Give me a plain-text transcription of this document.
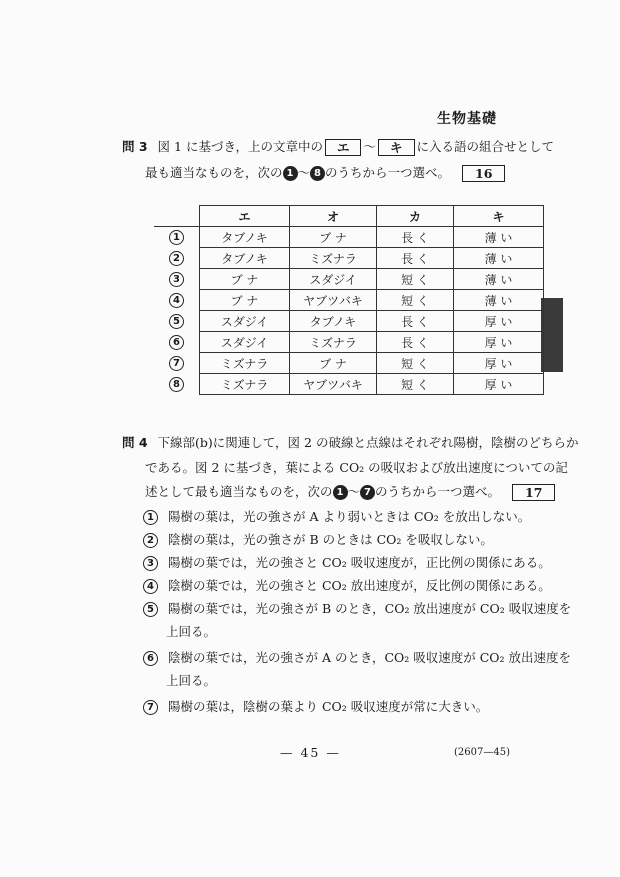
生物基礎
問 3 図 1 に基づき，上の文章中の エ 〜 キ に入る語の組合せとして
最も適当なものを，次の 1 〜 8 のうちから一つ選べ。 16
	エ	オ	カ	キ
1	タブノキ	ブ ナ	長 く	薄 い
2	タブノキ	ミズナラ	長 く	薄 い
3	ブ ナ	スダジイ	短 く	薄 い
4	ブ ナ	ヤブツバキ	短 く	薄 い
5	スダジイ	タブノキ	長 く	厚 い
6	スダジイ	ミズナラ	長 く	厚 い
7	ミズナラ	ブ ナ	短 く	厚 い
8	ミズナラ	ヤブツバキ	短 く	厚 い
問 4 下線部(b)に関連して，図 2 の破線と点線はそれぞれ陽樹，陰樹のどちらか
である。図 2 に基づき，葉による CO₂ の吸収および放出速度についての記
述として最も適当なものを，次の 1 〜 7 のうちから一つ選べ。 17
1 陽樹の葉は，光の強さが A より弱いときは CO₂ を放出しない。
2 陰樹の葉は，光の強さが B のときは CO₂ を吸収しない。
3 陽樹の葉では，光の強さと CO₂ 吸収速度が，正比例の関係にある。
4 陰樹の葉では，光の強さと CO₂ 放出速度が，反比例の関係にある。
5 陽樹の葉では，光の強さが B のとき，CO₂ 放出速度が CO₂ 吸収速度を
上回る。
6 陰樹の葉では，光の強さが A のとき，CO₂ 吸収速度が CO₂ 放出速度を
上回る。
7 陽樹の葉は，陰樹の葉より CO₂ 吸収速度が常に大きい。
— 45 —	(2607—45)
